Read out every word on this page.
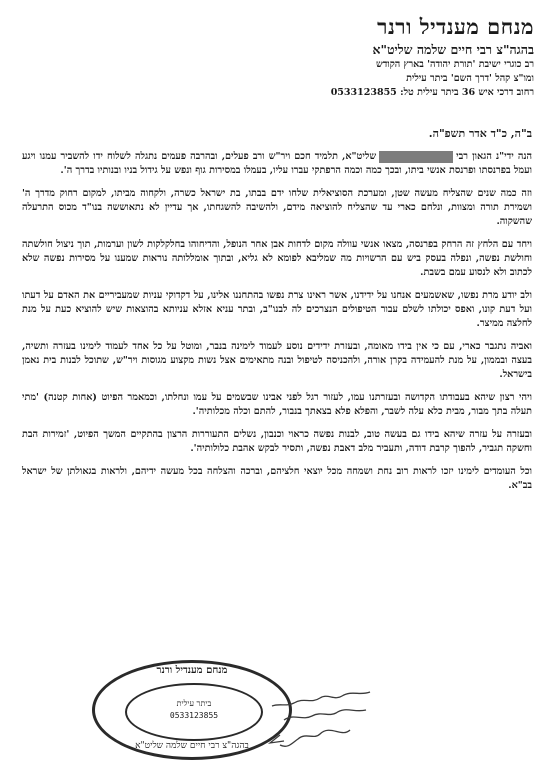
מנחם מענדיל ורנר
בהגה"צ רבי חיים שלמה שליט"א
רב כוגרי ישיבת 'תורת יהודה' בארץ הקודש
ומו"צ קהל 'דרך השם' ביתר עילית
רחוב דרכי איש 36 ביתר עילית טל: 0533123855
ב"ה, כ"ד אדר תשפ"ה.

הנה ידי"נ הגאון רבישליט"א, תלמיד חכם ויר"ש ורב פעלים, ובהרבה פעמים נתגלה לשלוח ידו להשביר עמנו ויגע ועמל בפרנסתו ופרנסת אנשי ביתו, ובכך כמה וכמה הרפתקי עברו עליו, בעמלו במסירות גוף ונפש על גידול בניו ובנותיו בדרך ה'.

וזה כמה שנים שהצליח מעשה שטן, ומערכת הסוציאלית שלחו ידם בבתו, בת ישראל כשרה, ולקחוה מביתו, למקום רחוק מדרך ה' ושמירת תורה ומצוות, ונלחם כארי עד שהצליח להוציאה מידם, ולהשיבה להשגחתו, אך עדיין לא נתאוששה בנו"ד מכוס התרעלה שהשקוה.

ויחד עם הלחץ זה הרחק בפרנסה, מצאו אנשי עוולה מקום לדחות אבן אחר הנופל, והדיחוהו בחלקלקות לשון וערמות, תוך ניצול חולשתה וחולשת נפשה, ונפלה בעסק ביש עם הרשויות מה שמליבא לפומא לא גליא, ובתוך אומללותה נוראות שמענו על מסירות נפשה שלא לכתוב ולא לנסוע עמם בשבת.

ולב יודע מרת נפשו, שאשמעים אנחנו על ידידנו, אשר ראינו צרת נפשו בהתחננו אלינו, על דקדוקי עניות שמעביריים את האדם על דעתו ועל דעת קונו, ואפס יכולתו לשלם עבור הטיפולים הנצרכים לה לבנו"ב, ובתר עניא אזלא עניותא בהוצאות שיש להוציא כעת על מנת לחלצה ממיצר.

ואביה נתגבר כארי, עם כי אין בידו מאומה, ובעזרת ידידים נוסע לעמוד לימינה בנבר, ומוטל על כל אחד לעמוד לימינו בעזרה ותשיה, בעצה ובממון, על מנת להעמידה בקרן אורה, ולהכניסה לטיפול ובנה מתאימים אצל נשות מקצוע מגוסות ויר"ש, שתוכל לבנות בית נאמן בישראל.

ויהי רצון שיהא בעבודתו הקדושה ובעזרתנו עמו, לעזור רגל לפני אבינו שבשמים על עמו ונחלתו, וכמאמר הפיוט (אחות קטנה) 'מתי תעלה בתך מבור, מבית כלא עלה לשבר, והפלא פלא בצאתך בנבור, להתם וכלה מכלותיה'.

ובעזרה על עזרה שיהא בידו גם בעשה טוב, לבנות נפשה כראוי וכנבון, נשלים התעוררות הרצון בהתקיים המשך הפיוט, 'זמירות הבת וחשקה תגביר, להפוך קרבת דודה, ותעביר מלב דאבת נפשה, ותסיר לבקש אהבת כלולותיה'.

וכל העומדים לימינו יזכו לראות רוב נחת ושמחה מכל יוצאי חלציהם, וברכה והצלחה בכל מעשה ידיהם, ולראות בגאולתן של ישראל בב"א.

מנחם מענדיל ורנר
ביתר עילית
0533123855
בהגה"צ רבי חיים שלמה שליט"א
